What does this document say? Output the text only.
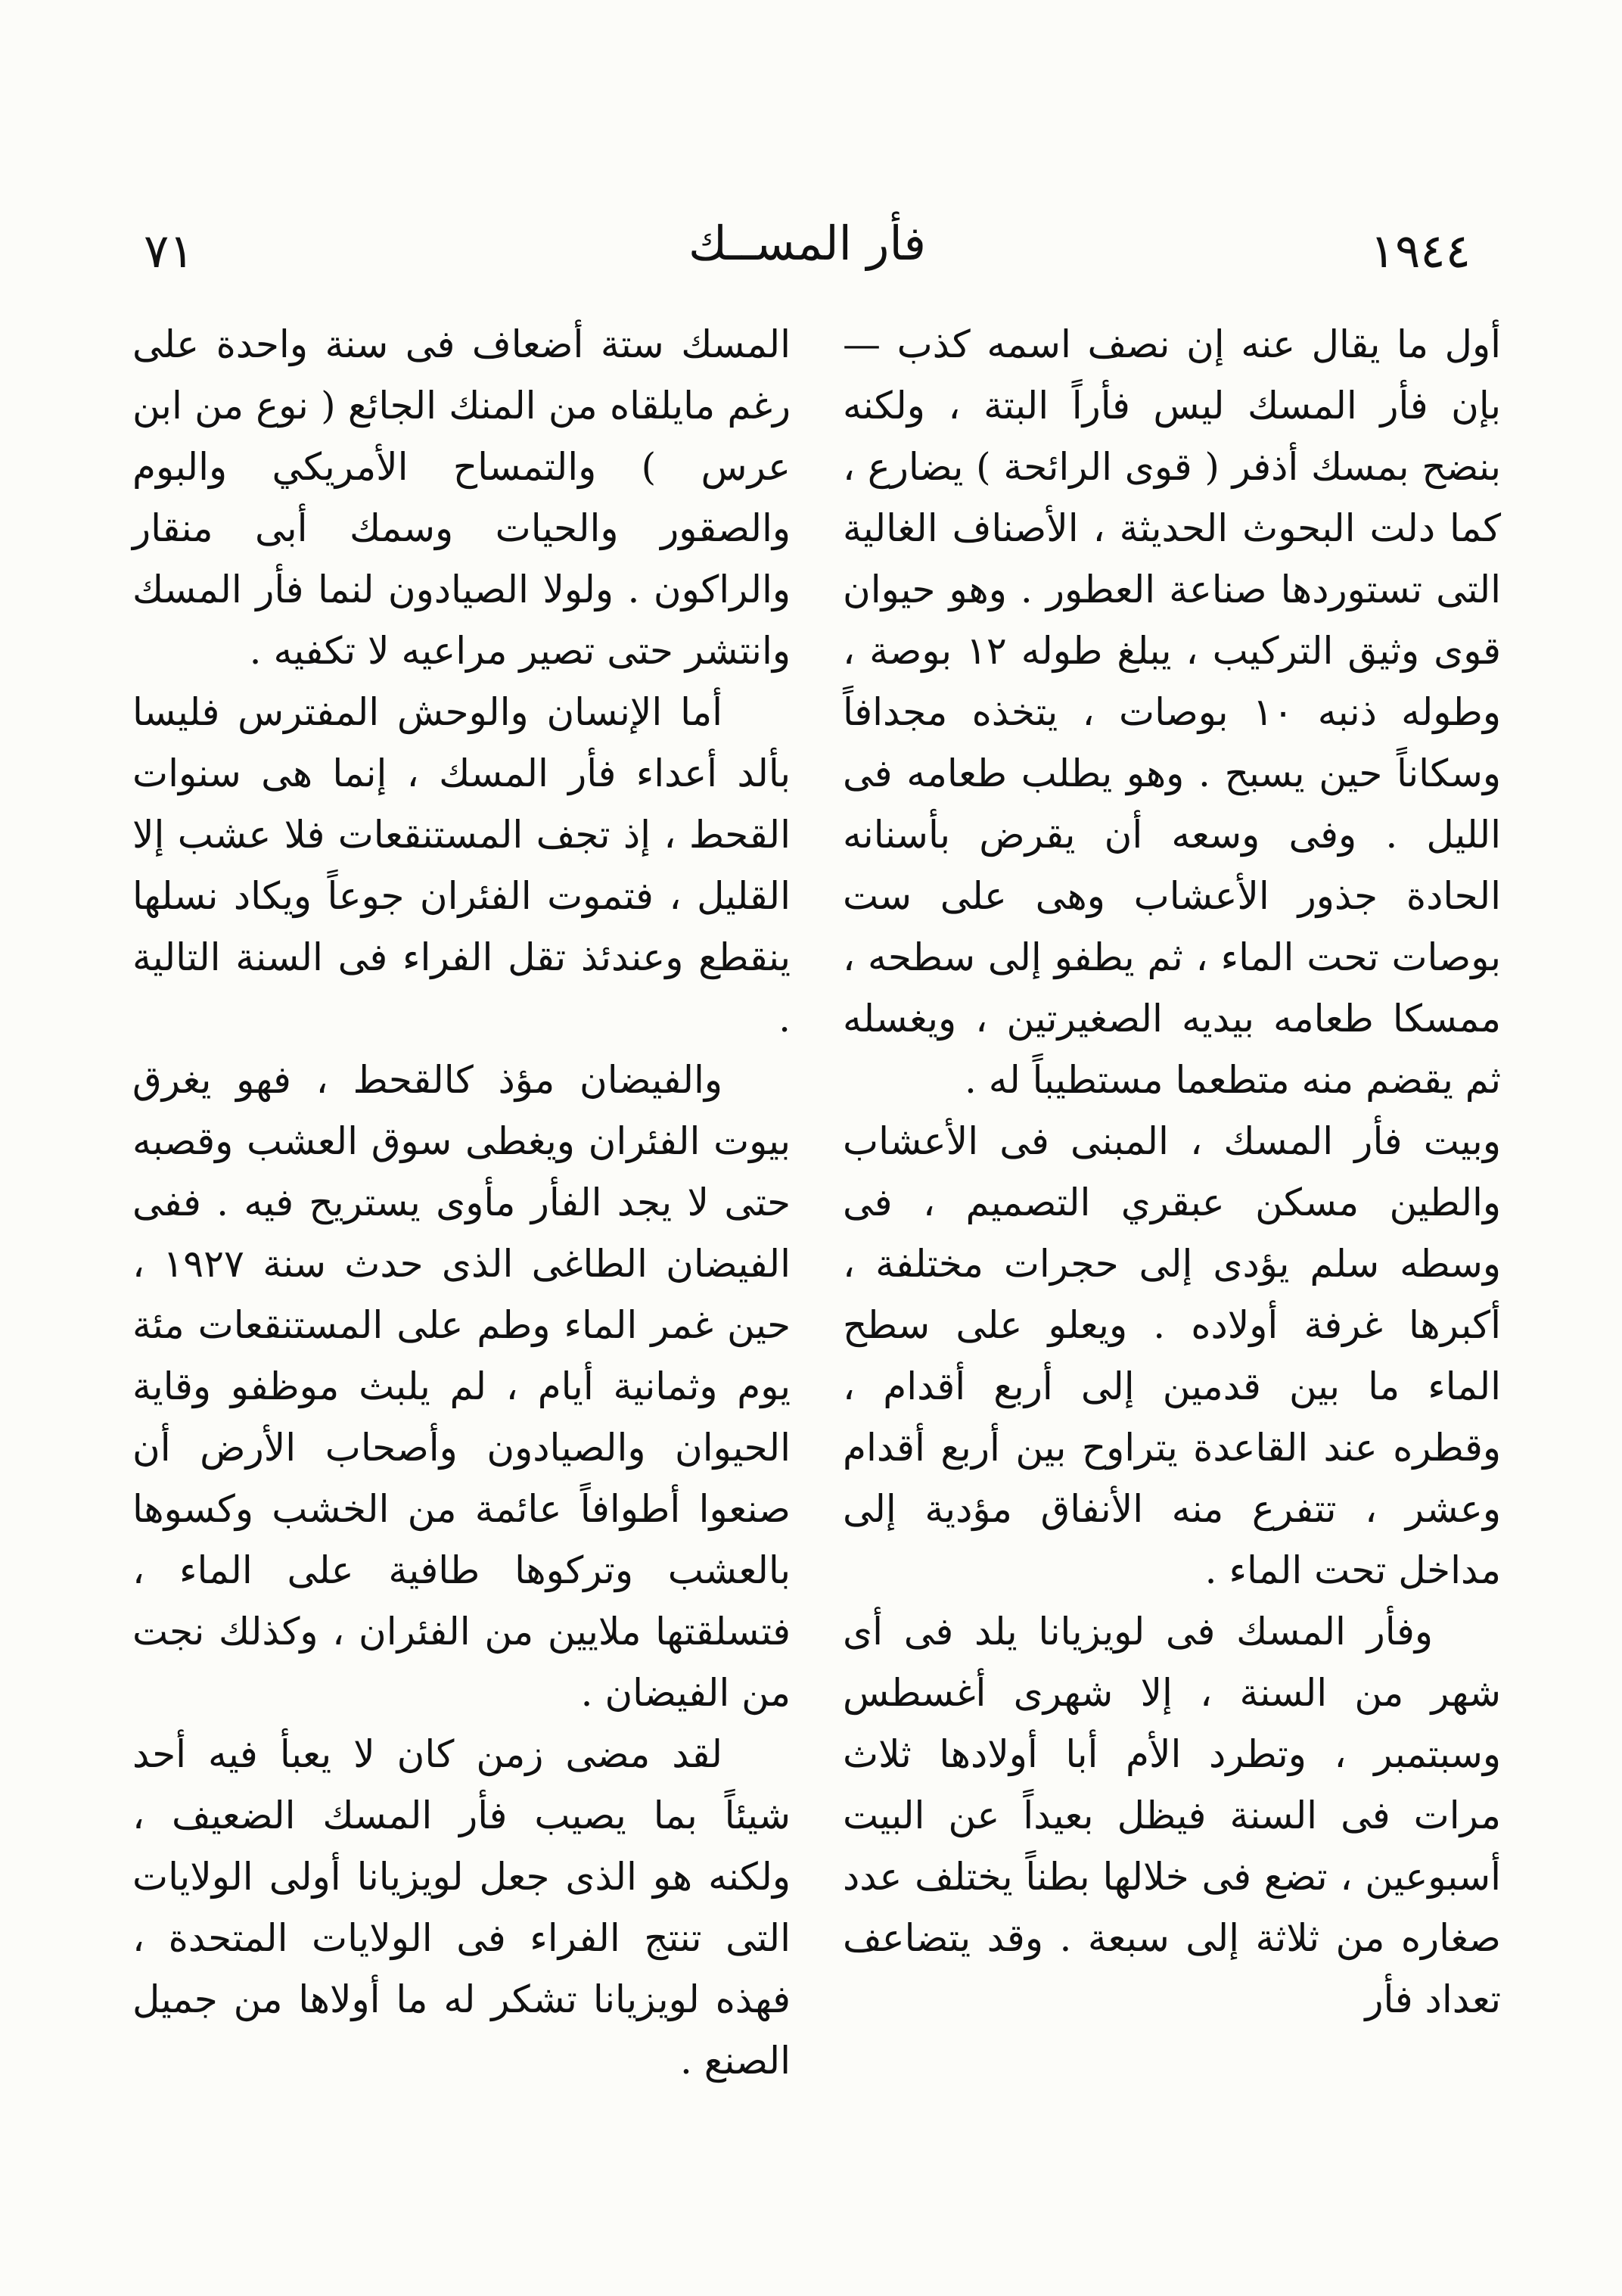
١٩٤٤
فأر المســك
٧١

أول ما يقال عنه إن نصف اسمه كذب — بإن فأر المسك ليس فأراً البتة ، ولكنه بنضح بمسك أذفر ( قوى الرائحة ) يضارع ، كما دلت البحوث الحديثة ، الأصناف الغالية التى تستوردها صناعة العطور . وهو حيوان قوى وثيق التركيب ، يبلغ طوله ١٢ بوصة ، وطوله ذنبه ١٠ بوصات ، يتخذه مجدافاً وسكاناً حين يسبح . وهو يطلب طعامه فى الليل . وفى وسعه أن يقرض بأسنانه الحادة جذور الأعشاب وهى على ست بوصات تحت الماء ، ثم يطفو إلى سطحه ، ممسكا طعامه بيديه الصغيرتين ، ويغسله ثم يقضم منه متطعما مستطيباً له .

وبيت فأر المسك ، المبنى فى الأعشاب والطين مسكن عبقري التصميم ، فى وسطه سلم يؤدى إلى حجرات مختلفة ، أكبرها غرفة أولاده . ويعلو على سطح الماء ما بين قدمين إلى أربع أقدام ، وقطره عند القاعدة يتراوح بين أربع أقدام وعشر ، تتفرع منه الأنفاق مؤدية إلى مداخل تحت الماء .

وفأر المسك فى لويزيانا يلد فى أى شهر من السنة ، إلا شهرى أغسطس وسبتمبر ، وتطرد الأم أبا أولادها ثلاث مرات فى السنة فيظل بعيداً عن البيت أسبوعين ، تضع فى خلالها بطناً يختلف عدد صغاره من ثلاثة إلى سبعة . وقد يتضاعف تعداد فأر

المسك ستة أضعاف فى سنة واحدة على رغم مايلقاه من المنك الجائع ( نوع من ابن عرس ) والتمساح الأمريكي والبوم والصقور والحيات وسمك أبى منقار والراكون . ولولا الصيادون لنما فأر المسك وانتشر حتى تصير مراعيه لا تكفيه .

أما الإنسان والوحش المفترس فليسا بألد أعداء فأر المسك ، إنما هى سنوات القحط ، إذ تجف المستنقعات فلا عشب إلا القليل ، فتموت الفئران جوعاً ويكاد نسلها ينقطع وعندئذ تقل الفراء فى السنة التالية .

والفيضان مؤذ كالقحط ، فهو يغرق بيوت الفئران ويغطى سوق العشب وقصبه حتى لا يجد الفأر مأوى يستريح فيه . ففى الفيضان الطاغى الذى حدث سنة ١٩٢٧ ، حين غمر الماء وطم على المستنقعات مئة يوم وثمانية أيام ، لم يلبث موظفو وقاية الحيوان والصيادون وأصحاب الأرض أن صنعوا أطوافاً عائمة من الخشب وكسوها بالعشب وتركوها طافية على الماء ، فتسلقتها ملايين من الفئران ، وكذلك نجت من الفيضان .

لقد مضى زمن كان لا يعبأ فيه أحد شيئاً بما يصيب فأر المسك الضعيف ، ولكنه هو الذى جعل لويزيانا أولى الولايات التى تنتج الفراء فى الولايات المتحدة ، فهذه لويزيانا تشكر له ما أولاها من جميل الصنع .
